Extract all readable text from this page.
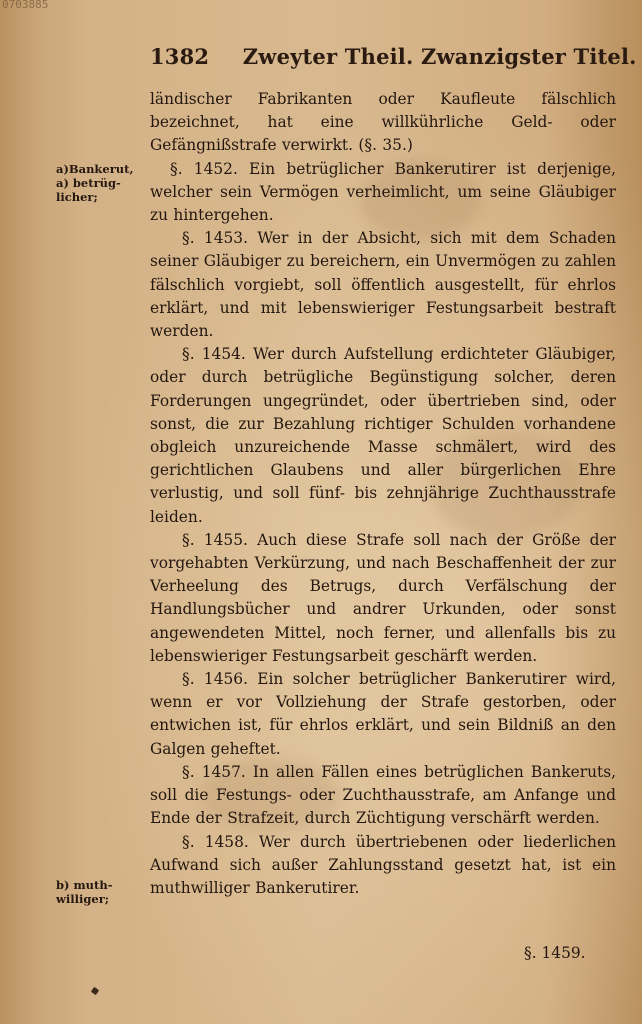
0703885
1382 Zweyter Theil. Zwanzigster Titel.
a)Bankerut,
a) betrüg-
licher;
b) muth-
williger;

ländischer Fabrikanten oder Kaufleute fälschlich bezeichnet, hat eine willkührliche Geld- oder Gefängnißstrafe verwirkt. (§. 35.)

§. 1452. Ein betrüglicher Bankerutirer ist derjenige, welcher sein Vermögen verheimlicht, um seine Gläubiger zu hintergehen.

§. 1453. Wer in der Absicht, sich mit dem Schaden seiner Gläubiger zu bereichern, ein Unvermögen zu zahlen fälschlich vorgiebt, soll öffentlich ausgestellt, für ehrlos erklärt, und mit lebenswieriger Festungsarbeit bestraft werden.

§. 1454. Wer durch Aufstellung erdichteter Gläubiger, oder durch betrügliche Begünstigung solcher, deren Forderungen ungegründet, oder übertrieben sind, oder sonst, die zur Bezahlung richtiger Schulden vorhandene obgleich unzureichende Masse schmälert, wird des gerichtlichen Glaubens und aller bürgerlichen Ehre verlustig, und soll fünf- bis zehnjährige Zuchthausstrafe leiden.

§. 1455. Auch diese Strafe soll nach der Größe der vorgehabten Verkürzung, und nach Beschaffenheit der zur Verheelung des Betrugs, durch Verfälschung der Handlungsbücher und andrer Urkunden, oder sonst angewendeten Mittel, noch ferner, und allenfalls bis zu lebenswieriger Festungsarbeit geschärft werden.

§. 1456. Ein solcher betrüglicher Bankerutirer wird, wenn er vor Vollziehung der Strafe gestorben, oder entwichen ist, für ehrlos erklärt, und sein Bildniß an den Galgen geheftet.

§. 1457. In allen Fällen eines betrüglichen Bankeruts, soll die Festungs- oder Zuchthausstrafe, am Anfange und Ende der Strafzeit, durch Züchtigung verschärft werden.

§. 1458. Wer durch übertriebenen oder liederlichen Aufwand sich außer Zahlungsstand gesetzt hat, ist ein muthwilliger Bankerutirer.

§. 1459.
